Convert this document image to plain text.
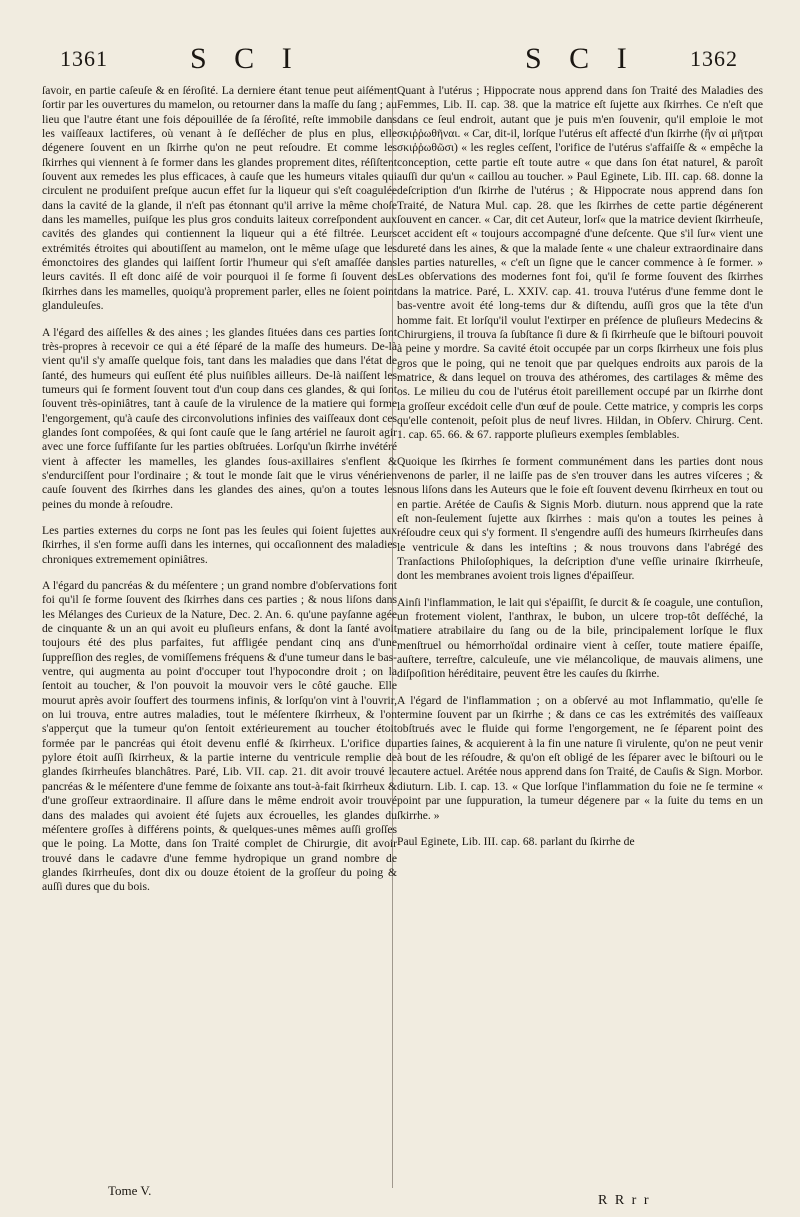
1361	S C I	S C I 1362

ſavoir, en partie caſeuſe & en ſéroſité. La derniere étant tenue peut aiſément ſortir par les ouvertures du mamelon, ou retourner dans la maſſe du ſang ; au lieu que l'autre étant une fois dépouillée de ſa ſéroſité, reſte immobile dans les vaiſſeaux lactiferes, où venant à ſe deſſécher de plus en plus, elle dégenere ſouvent en un ſkirrhe qu'on ne peut reſoudre. Et comme les ſkirrhes qui viennent à ſe former dans les glandes proprement dites, réſiſtent ſouvent aux remedes les plus efficaces, à cauſe que les humeurs vitales qui circulent ne produiſent preſque aucun effet ſur la liqueur qui s'eſt coagulée dans la cavité de la glande, il n'eſt pas étonnant qu'il arrive la même choſe dans les mamelles, puiſque les plus gros conduits laiteux correſpondent aux cavités des glandes qui contiennent la liqueur qui a été filtrée. Leurs extrémités étroites qui aboutiſſent au mamelon, ont le même uſage que les émonctoires des glandes qui laiſſent ſortir l'humeur qui s'eſt amaſſée dans leurs cavités. Il eſt donc aiſé de voir pourquoi il ſe forme ſi ſouvent des ſkirrhes dans les mamelles, quoiqu'à proprement parler, elles ne ſoient point glanduleuſes.

A l'égard des aiſſelles & des aines ; les glandes ſituées dans ces parties ſont très-propres à recevoir ce qui a été ſéparé de la maſſe des humeurs. De-là vient qu'il s'y amaſſe quelque fois, tant dans les maladies que dans l'état de ſanté, des humeurs qui euſſent été plus nuiſibles ailleurs. De-là naiſſent les tumeurs qui ſe forment ſouvent tout d'un coup dans ces glandes, & qui ſont ſouvent très-opiniâtres, tant à cauſe de la virulence de la matiere qui forme l'engorgement, qu'à cauſe des circonvolutions infinies des vaiſſeaux dont ces glandes ſont compoſées, & qui ſont cauſe que le ſang artériel ne ſauroit agir avec une force ſuffiſante ſur les parties obſtruées. Lorſqu'un ſkirrhe invétéré vient à affecter les mamelles, les glandes ſous-axillaires s'enflent & s'endurciſſent pour l'ordinaire ; & tout le monde ſait que le virus vénérien cauſe ſouvent des ſkirrhes dans les glandes des aines, qu'on a toutes les peines du monde à reſoudre.

Les parties externes du corps ne ſont pas les ſeules qui ſoient ſujettes aux ſkirrhes, il s'en forme auſſi dans les internes, qui occaſionnent des maladies chroniques extremement opiniâtres.

A l'égard du pancréas & du méſentere ; un grand nombre d'obſervations font foi qu'il ſe forme ſouvent des ſkirrhes dans ces parties ; & nous liſons dans les Mélanges des Curieux de la Nature, Dec. 2. An. 6. qu'une payſanne agée de cinquante & un an qui avoit eu pluſieurs enfans, & dont la ſanté avoit toujours été des plus parfaites, fut affligée pendant cinq ans d'une ſuppreſſion des regles, de vomiſſemens fréquens & d'une tumeur dans le bas-ventre, qui augmenta au point d'occuper tout l'hypocondre droit ; on la ſentoit au toucher, & l'on pouvoit la mouvoir vers le côté gauche. Elle mourut après avoir ſouffert des tourmens infinis, & lorſqu'on vint à l'ouvrir, on lui trouva, entre autres maladies, tout le méſentere ſkirrheux, & l'on s'apperçut que la tumeur qu'on ſentoit extérieurement au toucher étoit formée par le pancréas qui étoit devenu enflé & ſkirrheux. L'orifice du pylore étoit auſſi ſkirrheux, & la partie interne du ventricule remplie de glandes ſkirrheuſes blanchâtres. Paré, Lib. VII. cap. 21. dit avoir trouvé le pancréas & le méſentere d'une femme de ſoixante ans tout-à-fait ſkirrheux & d'une groſſeur extraordinaire. Il aſſure dans le même endroit avoir trouvé dans des malades qui avoient été ſujets aux écrouelles, les glandes du méſentere groſſes à différens points, & quelques-unes mêmes auſſi groſſes que le poing. La Motte, dans ſon Traité complet de Chirurgie, dit avoir trouvé dans le cadavre d'une femme hydropique un grand nombre de glandes ſkirrheuſes, dont dix ou douze étoient de la groſſeur du poing & auſſi dures que du bois.

Quant à l'utérus ; Hippocrate nous apprend dans ſon Traité des Maladies des Femmes, Lib. II. cap. 38. que la matrice eſt ſujette aux ſkirrhes. Ce n'eſt que dans ce ſeul endroit, autant que je puis m'en ſouvenir, qu'il emploie le mot σκιῤῥωθῆναι. « Car, dit-il, lorſque l'utérus eſt affecté d'un ſkirrhe (ἢν αἱ μῆτραι σκιῤῥωθῶσι) « les regles ceſſent, l'orifice de l'utérus s'affaiſſe & « empêche la conception, cette partie eſt toute autre « que dans ſon état naturel, & paroît auſſi dur qu'un « caillou au toucher. » Paul Eginete, Lib. III. cap. 68. donne la deſcription d'un ſkirrhe de l'utérus ; & Hippocrate nous apprend dans ſon Traité, de Natura Mul. cap. 28. que les ſkirrhes de cette partie dégénerent ſouvent en cancer. « Car, dit cet Auteur, lorſ« que la matrice devient ſkirrheuſe, cet accident eſt « toujours accompagné d'une deſcente. Que s'il ſur« vient une dureté dans les aines, & que la malade ſente « une chaleur extraordinaire dans les parties naturelles, « c'eſt un ſigne que le cancer commence à ſe former. » Les obſervations des modernes font foi, qu'il ſe forme ſouvent des ſkirrhes dans la matrice. Paré, L. XXIV. cap. 41. trouva l'utérus d'une femme dont le bas-ventre avoit été long-tems dur & diſtendu, auſſi gros que la tête d'un homme fait. Et lorſqu'il voulut l'extirper en préſence de pluſieurs Medecins & Chirurgiens, il trouva ſa ſubſtance ſi dure & ſi ſkirrheuſe que le biſtouri pouvoit à peine y mordre. Sa cavité étoit occupée par un corps ſkirrheux une fois plus gros que le poing, qui ne tenoit que par quelques endroits aux parois de la matrice, & dans lequel on trouva des athéromes, des cartilages & même des os. Le milieu du cou de l'utérus étoit pareillement occupé par un ſkirrhe dont la groſſeur excédoit celle d'un œuf de poule. Cette matrice, y compris les corps qu'elle contenoit, peſoit plus de neuf livres. Hildan, in Obſerv. Chirurg. Cent. 1. cap. 65. 66. & 67. rapporte pluſieurs exemples ſemblables.

Quoique les ſkirrhes ſe forment communément dans les parties dont nous venons de parler, il ne laiſſe pas de s'en trouver dans les autres viſceres ; & nous liſons dans les Auteurs que le foie eſt ſouvent devenu ſkirrheux en tout ou en partie. Arétée de Cauſis & Signis Morb. diuturn. nous apprend que la rate eſt non-ſeulement ſujette aux ſkirrhes : mais qu'on a toutes les peines à réſoudre ceux qui s'y forment. Il s'engendre auſſi des humeurs ſkirrheuſes dans le ventricule & dans les inteſtins ; & nous trouvons dans l'abrégé des Tranſactions Philoſophiques, la deſcription d'une veſſie urinaire ſkirrheuſe, dont les membranes avoient trois lignes d'épaiſſeur.

Ainſi l'inflammation, le lait qui s'épaiſſit, ſe durcit & ſe coagule, une contuſion, un frotement violent, l'anthrax, le bubon, un ulcere trop-tôt deſſéché, la matiere atrabilaire du ſang ou de la bile, principalement lorſque le flux menſtruel ou hémorrhoïdal ordinaire vient à ceſſer, toute matiere épaiſſe, auſtere, terreſtre, calculeuſe, une vie mélancolique, de mauvais alimens, une diſpoſition héréditaire, peuvent être les cauſes du ſkirrhe.

A l'égard de l'inflammation ; on a obſervé au mot Inflammatio, qu'elle ſe termine ſouvent par un ſkirrhe ; & dans ce cas les extrémités des vaiſſeaux obſtrués avec le fluide qui forme l'engorgement, ne ſe ſéparent point des parties ſaines, & acquierent à la fin une nature ſi virulente, qu'on ne peut venir à bout de les réſoudre, & qu'on eſt obligé de les ſéparer avec le biſtouri ou le cautere actuel. Arétée nous apprend dans ſon Traité, de Cauſis & Sign. Morbor. diuturn. Lib. I. cap. 13. « Que lorſque l'inflammation du foie ne ſe termine « point par une ſuppuration, la tumeur dégenere par « la ſuite du tems en un ſkirrhe. »

Paul Eginete, Lib. III. cap. 68. parlant du ſkirrhe de

Tome V.
R R r r
